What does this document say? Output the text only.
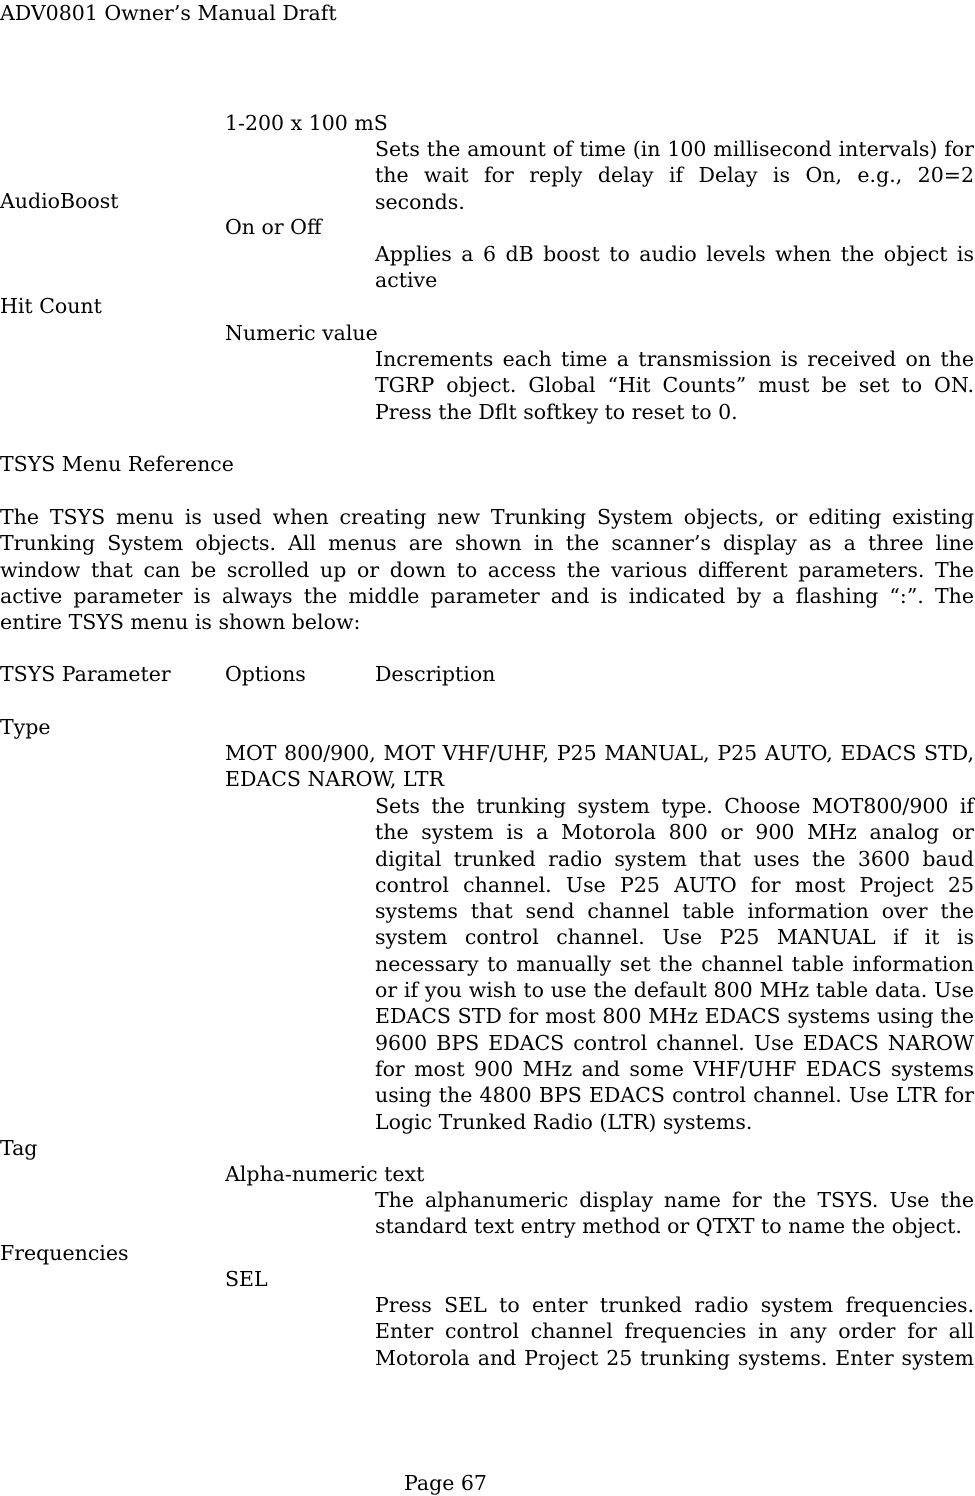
ADV0801 Owner’s Manual Draft
1-200 x 100 mS
Sets the amount of time (in 100 millisecond intervals) for the wait for reply delay if Delay is On, e.g., 20=2 seconds.
AudioBoost
On or Off
Applies a 6 dB boost to audio levels when the object is active
Hit Count
Numeric value
Increments each time a transmission is received on the TGRP object. Global “Hit Counts” must be set to ON. Press the Dflt softkey to reset to 0.
TSYS Menu Reference
The TSYS menu is used when creating new Trunking System objects, or editing existing Trunking System objects. All menus are shown in the scanner’s display as a three line window that can be scrolled up or down to access the various different parameters. The active parameter is always the middle parameter and is indicated by a flashing “:”. The entire TSYS menu is shown below:
TSYS Parameter	Options	Description
Type
MOT 800/900, MOT VHF/UHF, P25 MANUAL, P25 AUTO, EDACS STD, EDACS NAROW, LTR
Sets the trunking system type. Choose MOT800/900 if the system is a Motorola 800 or 900 MHz analog or digital trunked radio system that uses the 3600 baud control channel. Use P25 AUTO for most Project 25 systems that send channel table information over the system control channel. Use P25 MANUAL if it is necessary to manually set the channel table information or if you wish to use the default 800 MHz table data. Use EDACS STD for most 800 MHz EDACS systems using the 9600 BPS EDACS control channel. Use EDACS NAROW for most 900 MHz and some VHF/UHF EDACS systems using the 4800 BPS EDACS control channel. Use LTR for Logic Trunked Radio (LTR) systems.
Tag
Alpha-numeric text
The alphanumeric display name for the TSYS. Use the standard text entry method or QTXT to name the object.
Frequencies
SEL
Press SEL to enter trunked radio system frequencies. Enter control channel frequencies in any order for all Motorola and Project 25 trunking systems. Enter system
Page 67
